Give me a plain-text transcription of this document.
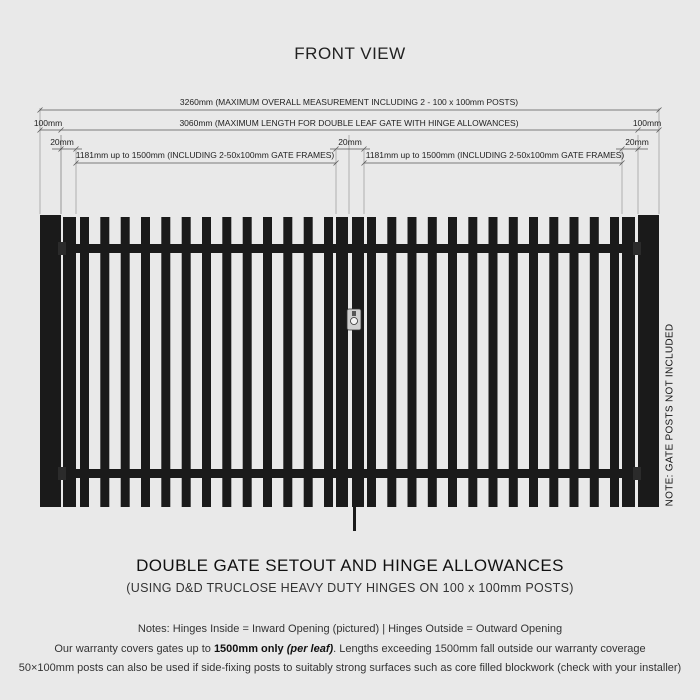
FRONT VIEW
3260mm (MAXIMUM OVERALL MEASUREMENT INCLUDING 2 - 100 x 100mm POSTS)
3060mm (MAXIMUM LENGTH FOR DOUBLE LEAF GATE WITH HINGE ALLOWANCES)
100mm	100mm
20mm	20mm	20mm
1181mm up to 1500mm (INCLUDING 2-50x100mm GATE FRAMES)	1181mm up to 1500mm (INCLUDING 2-50x100mm GATE FRAMES)
NOTE: GATE POSTS NOT INCLUDED
DOUBLE GATE SETOUT AND HINGE ALLOWANCES
(USING D&D TRUCLOSE HEAVY DUTY HINGES ON 100 x 100mm POSTS)
Notes: Hinges Inside = Inward Opening (pictured) | Hinges Outside = Outward Opening
Our warranty covers gates up to 1500mm only (per leaf). Lengths exceeding 1500mm fall outside our warranty coverage
50×100mm posts can also be used if side-fixing posts to suitably strong surfaces such as core filled blockwork (check with your installer)
